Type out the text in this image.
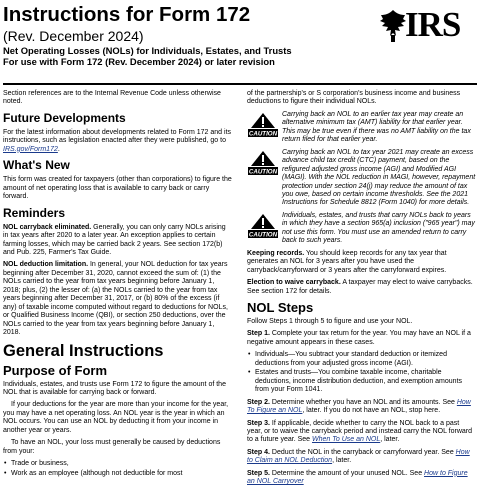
Instructions for Form 172
(Rev. December 2024)
Net Operating Losses (NOLs) for Individuals, Estates, and Trusts
For use with Form 172 (Rev. December 2024) or later revision
IRS

Section references are to the Internal Revenue Code unless otherwise noted.

Future Developments

For the latest information about developments related to Form 172 and its instructions, such as legislation enacted after they were published, go to IRS.gov/Form172.

What's New

This form was created for taxpayers (other than corporations) to figure the amount of net operating loss that is available to carry back or carry forward.

Reminders

NOL carryback eliminated. Generally, you can only carry NOLs arising in tax years after 2020 to a later year. An exception applies to certain farming losses, which may be carried back 2 years. See section 172(b) and Pub. 225, Farmer's Tax Guide.

NOL deduction limitation. In general, your NOL deduction for tax years beginning after December 31, 2020, cannot exceed the sum of: (1) the NOLs carried to the year from tax years beginning before January 1, 2018; plus, (2) the lesser of: (a) the NOLs carried to the year from tax years beginning after December 31, 2017, or (b) 80% of the excess (if any) of taxable income computed without regard to deductions for NOLs, or Qualified Business Income (QBI), or section 250 deductions, over the NOLs carried to the year from tax years beginning before January 1, 2018.

General Instructions
Purpose of Form

Individuals, estates, and trusts use Form 172 to figure the amount of the NOL that is available for carrying back or forward.

If your deductions for the year are more than your income for the year, you may have a net operating loss. An NOL year is the year in which an NOL occurs. You can use an NOL by deducting it from your income in another year or years.

To have an NOL, your loss must generally be caused by deductions from your:

• Trade or business,
• Work as an employee (although not deductible for most

of the partnership's or S corporation's business income and business deductions to figure their individual NOLs.

CAUTION
Carrying back an NOL to an earlier tax year may create an alternative minimum tax (AMT) liability for that earlier year. This may be true even if there was no AMT liability on the tax return filed for that earlier year.
CAUTION
Carrying back an NOL to tax year 2021 may create an excess advance child tax credit (CTC) payment, based on the refigured adjusted gross income (AGI) and Modified AGI (MAGI). With the NOL reduction in MAGI, however, repayment protection under section 24(j) may reduce the amount of tax you owe, based on certain income thresholds. See the 2021 Instructions for Schedule 8812 (Form 1040) for more details.
CAUTION
Individuals, estates, and trusts that carry NOLs back to years in which they have a section 965(a) inclusion ("965 year") may not use this form. You must use an amended return to carry back to such years.

Keeping records. You should keep records for any tax year that generates an NOL for 3 years after you have used the carryback/carryforward or 3 years after the carryforward expires.

Election to waive carryback. A taxpayer may elect to waive carrybacks. See section 172 for details.

NOL Steps

Follow Steps 1 through 5 to figure and use your NOL.

Step 1. Complete your tax return for the year. You may have an NOL if a negative amount appears in these cases.

• Individuals—You subtract your standard deduction or itemized deductions from your adjusted gross income (AGI).
• Estates and trusts—You combine taxable income, charitable deductions, income distribution deduction, and exemption amounts from your Form 1041.

Step 2. Determine whether you have an NOL and its amounts. See How To Figure an NOL, later. If you do not have an NOL, stop here.

Step 3. If applicable, decide whether to carry the NOL back to a past year, or to waive the carryback period and instead carry the NOL forward to a future year. See When To Use an NOL, later.

Step 4. Deduct the NOL in the carryback or carryforward year. See How to Claim an NOL Deduction, later.

Step 5. Determine the amount of your unused NOL. See How to Figure an NOL Carryover
